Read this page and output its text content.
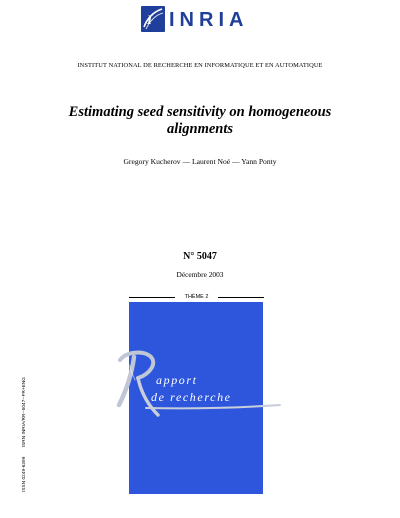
I INRIA
INSTITUT NATIONAL DE RECHERCHE EN INFORMATIQUE ET EN AUTOMATIQUE
Estimating seed sensitivity on homogeneous alignments
Gregory Kucherov — Laurent Noé — Yann Ponty
N° 5047
Décembre 2003
THÈME 2
apport
de recherche
ISSN 0249-6399 ISRN INRIA/RR--5047--FR+ENG
